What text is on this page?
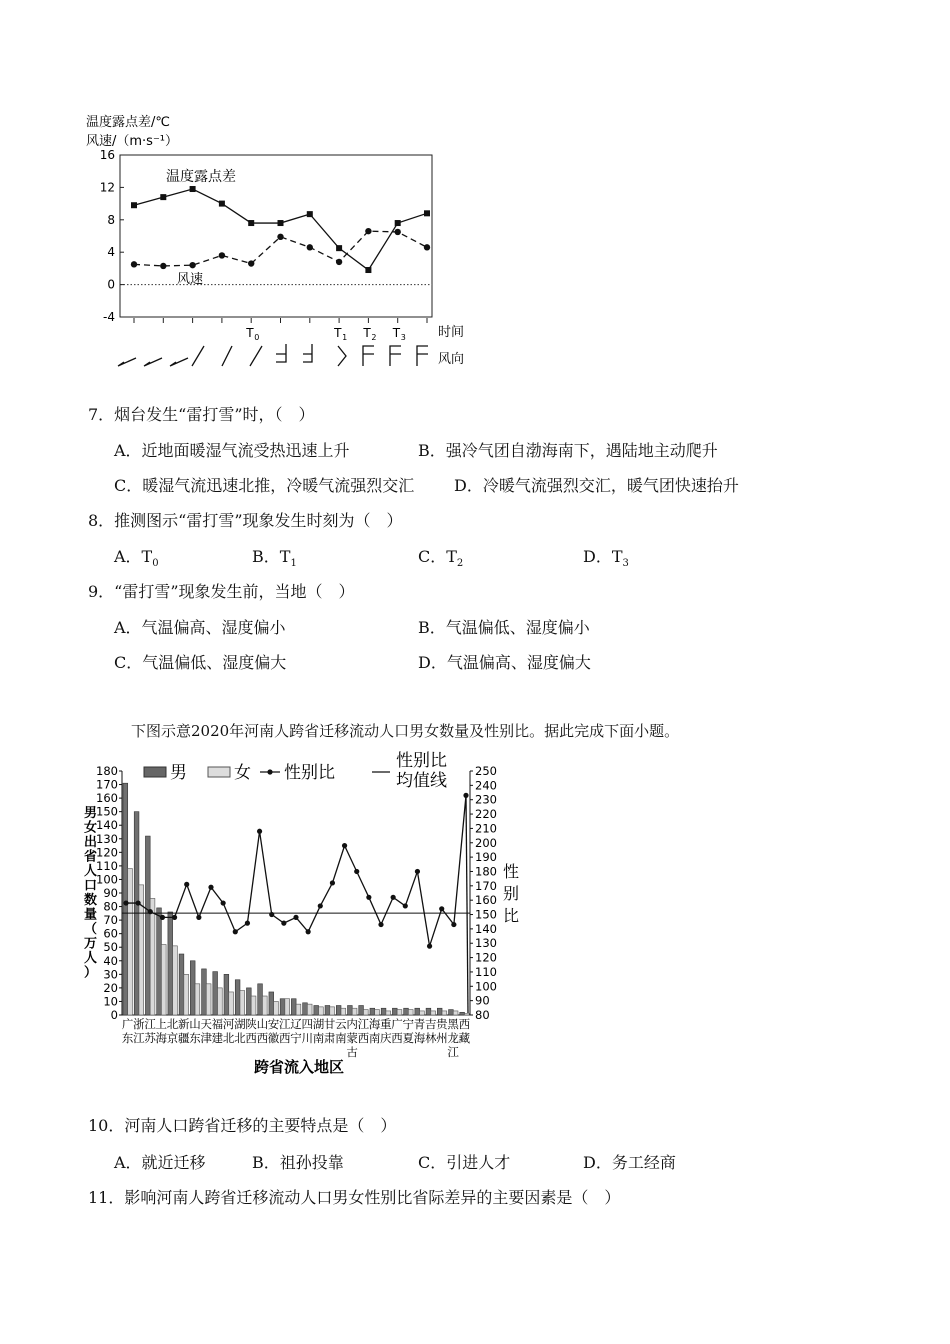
温度露点差/℃
风速/（m·s⁻¹）
16
12
8
4
0
-4
温度露点差
风速
T 0	T 1 T 2 T 3 时间
风向
7．烟台发生“雷打雪”时，（　）
A．近地面暖湿气流受热迅速上升	B．强冷气团自渤海南下，遇陆地主动爬升
C．暖湿气流迅速北推，冷暖气流强烈交汇 D．冷暖气流强烈交汇，暖气团快速抬升
8．推测图示“雷打雪”现象发生时刻为（　）
A．$T_0$	B．$T_1$	C．$T_2$	D．$T_3$
9．“雷打雪”现象发生前，当地（　）
A．气温偏高、湿度偏小	B．气温偏低、湿度偏小
C．气温偏低、湿度偏大	D．气温偏高、湿度偏大
下图示意2020年河南人跨省迁移流动人口男女数量及性别比。据此完成下面小题。
男	女 性别比
性别比
均值线
180
170
160
150
140
130
120
110
100
90
80
70
60
50
40
30
20
10
0
250
240
230
220
210
200
190
180
170
160
150
140
130
120
110
100
90
80
男
女
出
省
人
口
数
量
（
万
人
）
性
别
比
广
东
浙
江
江
苏
上
海
北
京
新
疆
山
东
天
津
福
建
河
北
湖
北
陕
西
山
西
安
徽
江
西
辽
宁
四
川
湖
南
甘
肃
云
南
内
蒙
古
江
西
海
南
重
庆
广
西
宁
夏
青
海
吉
林
贵
州
黑
龙
江
西
藏
跨省流入地区
10．河南人口跨省迁移的主要特点是（　）
A．就近迁移	B．祖孙投靠	C．引进人才	D．务工经商
11．影响河南人跨省迁移流动人口男女性别比省际差异的主要因素是（　）
